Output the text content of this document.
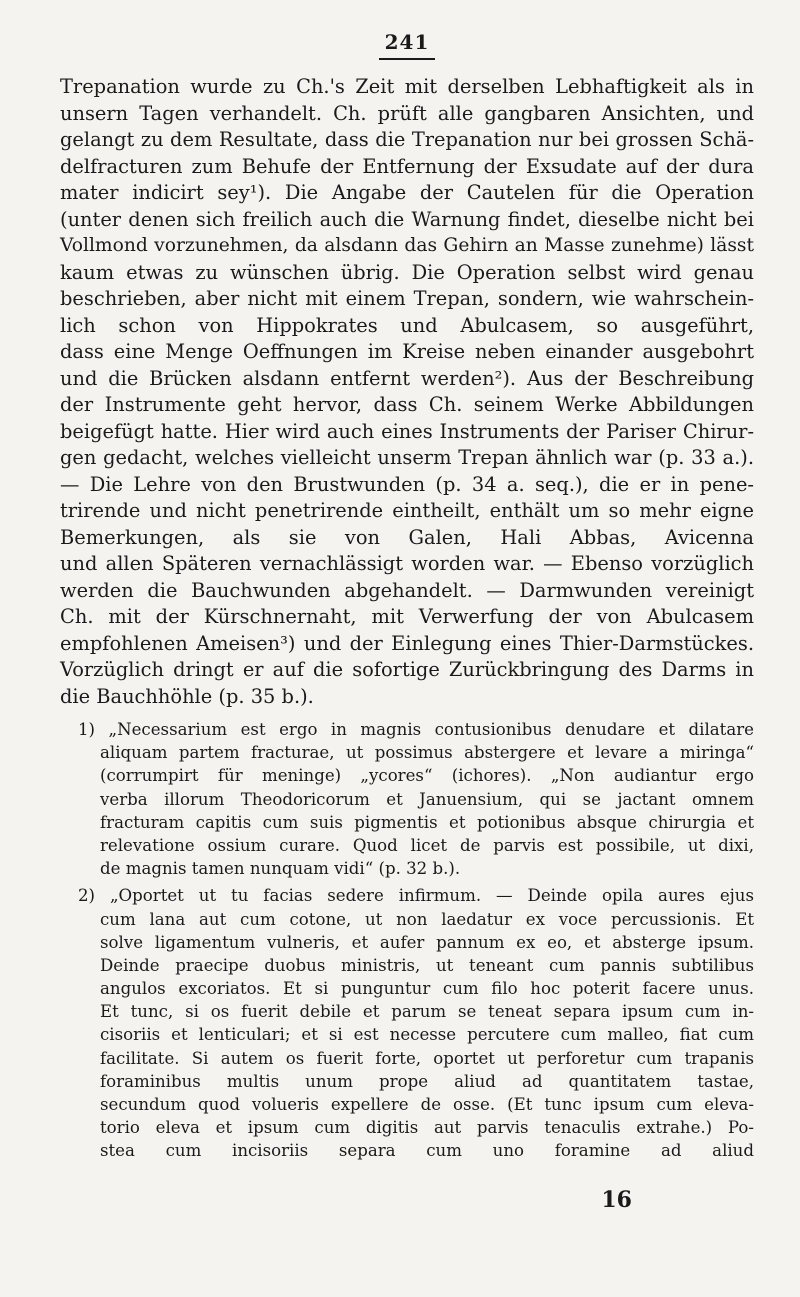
241
Trepanation wurde zu Ch.'s Zeit mit derselben Lebhaftigkeit als in
unsern Tagen verhandelt. Ch. prüft alle gangbaren Ansichten, und
gelangt zu dem Resultate, dass die Trepanation nur bei grossen Schä-
delfracturen zum Behufe der Entfernung der Exsudate auf der dura
mater indicirt sey¹). Die Angabe der Cautelen für die Operation
(unter denen sich freilich auch die Warnung findet, dieselbe nicht bei
Vollmond vorzunehmen, da alsdann das Gehirn an Masse zunehme) lässt
kaum etwas zu wünschen übrig. Die Operation selbst wird genau
beschrieben, aber nicht mit einem Trepan, sondern, wie wahrschein-
lich schon von Hippokrates und Abulcasem, so ausgeführt,
dass eine Menge Oeffnungen im Kreise neben einander ausgebohrt
und die Brücken alsdann entfernt werden²). Aus der Beschreibung
der Instrumente geht hervor, dass Ch. seinem Werke Abbildungen
beigefügt hatte. Hier wird auch eines Instruments der Pariser Chirur-
gen gedacht, welches vielleicht unserm Trepan ähnlich war (p. 33 a.).
— Die Lehre von den Brustwunden (p. 34 a. seq.), die er in pene-
trirende und nicht penetrirende eintheilt, enthält um so mehr eigne
Bemerkungen, als sie von Galen, Hali Abbas, Avicenna
und allen Späteren vernachlässigt worden war. — Ebenso vorzüglich
werden die Bauchwunden abgehandelt. — Darmwunden vereinigt
Ch. mit der Kürschnernaht, mit Verwerfung der von Abulcasem
empfohlenen Ameisen³) und der Einlegung eines Thier-Darmstückes.
Vorzüglich dringt er auf die sofortige Zurückbringung des Darms in
die Bauchhöhle (p. 35 b.).
1) „Necessarium est ergo in magnis contusionibus denudare et dilatare
aliquam partem fracturae, ut possimus abstergere et levare a miringa“
(corrumpirt für meninge) „ycores“ (ichores). „Non audiantur ergo
verba illorum Theodoricorum et Januensium, qui se jactant omnem
fracturam capitis cum suis pigmentis et potionibus absque chirurgia et
relevatione ossium curare. Quod licet de parvis est possibile, ut dixi,
de magnis tamen nunquam vidi“ (p. 32 b.).
2) „Oportet ut tu facias sedere infirmum. — Deinde opila aures ejus
cum lana aut cum cotone, ut non laedatur ex voce percussionis. Et
solve ligamentum vulneris, et aufer pannum ex eo, et absterge ipsum.
Deinde praecipe duobus ministris, ut teneant cum pannis subtilibus
angulos excoriatos. Et si punguntur cum filo hoc poterit facere unus.
Et tunc, si os fuerit debile et parum se teneat separa ipsum cum in-
cisoriis et lenticulari; et si est necesse percutere cum malleo, fiat cum
facilitate. Si autem os fuerit forte, oportet ut perforetur cum trapanis
foraminibus multis unum prope aliud ad quantitatem tastae,
secundum quod volueris expellere de osse. (Et tunc ipsum cum eleva-
torio eleva et ipsum cum digitis aut parvis tenaculis extrahe.) Po-
stea cum incisoriis separa cum uno foramine ad aliud
16
